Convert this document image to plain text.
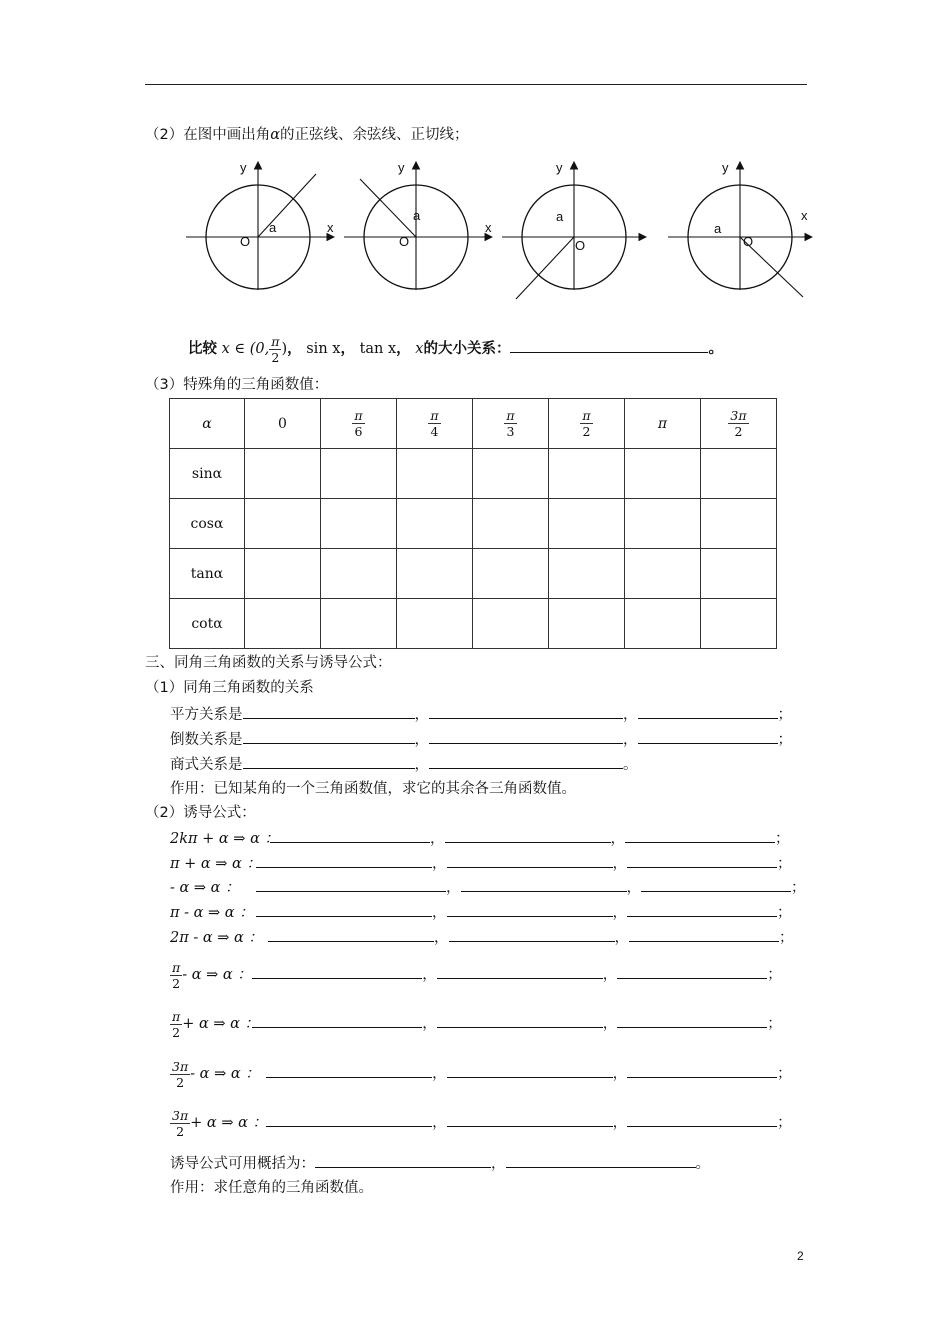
（2）在图中画出角α的正弦线、余弦线、正切线；
y
x
O
a
y
x
O
a
y
a
O
y
x
a
O
比较 x ∈ (0, $\frac{\pi}{2}$ )， sin x， tan x， x的大小关系：	。
（3）特殊角的三角函数值：
α	0	$\frac{\pi}{6}$	$\frac{\pi}{4}$	$\frac{\pi}{3}$	$\frac{\pi}{2}$	π	$\frac{3\pi}{2}$

sinα							
cosα							
tanα							
cotα							
三、同角三角函数的关系与诱导公式：
（1）同角三角函数的关系
平方关系是	，	，	；
倒数关系是	，	，	；
商式关系是	，	。
作用：已知某角的一个三角函数值，求它的其余各三角函数值。
（2）诱导公式：
2kπ + α ⇒ α ：	，	，	；
π + α ⇒ α ：	，	，	；
- α ⇒ α ：	，	，	；
π - α ⇒ α ：	，	，	；
2π - α ⇒ α ：	，	，	；
$\frac{\pi}{2}$ - α ⇒ α ：	，	，	；
$\frac{\pi}{2} + \alpha$ ⇒ α ：	，	，	；
$\frac{3\pi}{2}$ - α ⇒ α ：	，	，	；
$\frac{3\pi}{2} + \alpha$ ⇒ α ：	，	，	；
诱导公式可用概括为：	，	。
作用：求任意角的三角函数值。
2
